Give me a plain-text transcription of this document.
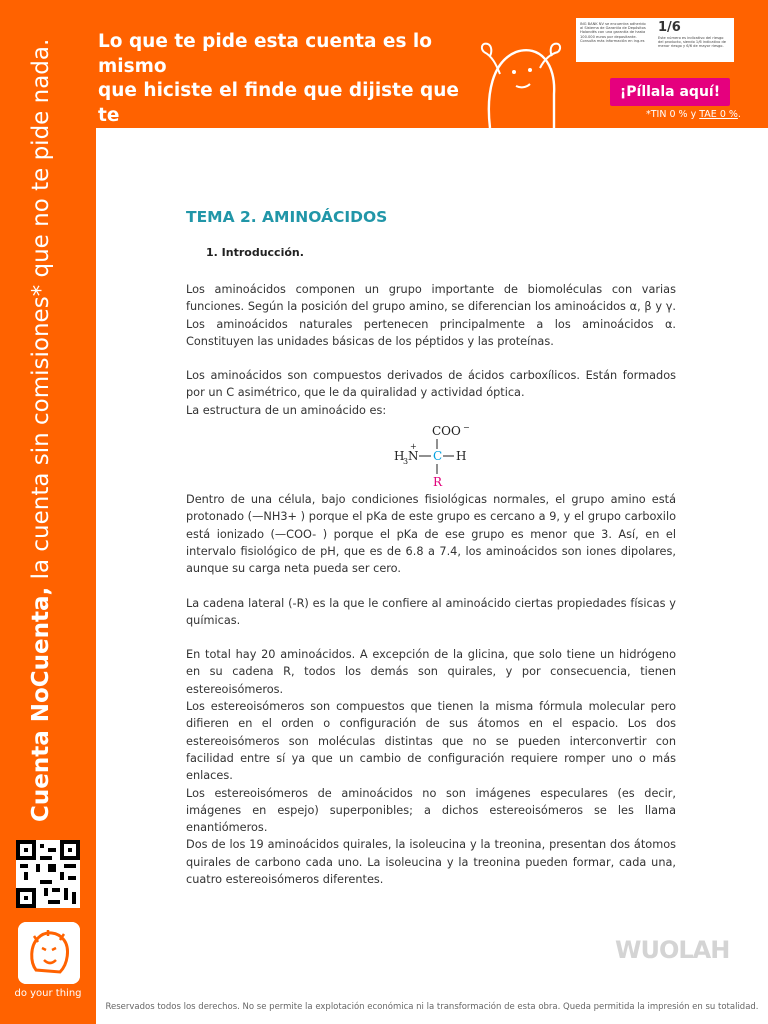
Lo que te pide esta cuenta es lo mismo
que hiciste el finde que dijiste que te
ibas a poner al día: NADA.
ING BANK NV se encuentra adherido al Sistema de Garantía de Depósitos Holandés con una garantía de hasta 100.000 euros por depositante. Consulta más información en ing.es
1/6
Este número es indicativo del riesgo del producto, siendo 1/6 indicativo de menor riesgo y 6/6 de mayor riesgo.
¡Píllala aquí!
*TIN 0 % y TAE 0 %.
Cuenta NoCuenta, la cuenta sin comisiones* que no te pide nada.
do your thing
TEMA 2. AMINOÁCIDOS
1. Introducción.

Los aminoácidos componen un grupo importante de biomoléculas con varias funciones. Según la posición del grupo amino, se diferencian los aminoácidos α, β y γ. Los aminoácidos naturales pertenecen principalmente a los aminoácidos α. Constituyen las unidades básicas de los péptidos y las proteínas.

Los aminoácidos son compuestos derivados de ácidos carboxílicos. Están formados por un C asimétrico, que le da quiralidad y actividad óptica.

La estructura de un aminoácido es:

COO −
H
3 N
+
C H
R

Dentro de una célula, bajo condiciones fisiológicas normales, el grupo amino está protonado (—NH3+ ) porque el pKa de este grupo es cercano a 9, y el grupo carboxilo está ionizado (—COO- ) porque el pKa de ese grupo es menor que 3. Así, en el intervalo fisiológico de pH, que es de 6.8 a 7.4, los aminoácidos son iones dipolares, aunque su carga neta pueda ser cero.

La cadena lateral (-R) es la que le confiere al aminoácido ciertas propiedades físicas y químicas.

En total hay 20 aminoácidos. A excepción de la glicina, que solo tiene un hidrógeno en su cadena R, todos los demás son quirales, y por consecuencia, tienen estereoisómeros.

Los estereoisómeros son compuestos que tienen la misma fórmula molecular pero difieren en el orden o configuración de sus átomos en el espacio. Los dos estereoisómeros son moléculas distintas que no se pueden interconvertir con facilidad entre sí ya que un cambio de configuración requiere romper uno o más enlaces.

Los estereoisómeros de aminoácidos no son imágenes especulares (es decir, imágenes en espejo) superponibles; a dichos estereoisómeros se les llama enantiómeros.

Dos de los 19 aminoácidos quirales, la isoleucina y la treonina, presentan dos átomos quirales de carbono cada uno. La isoleucina y la treonina pueden formar, cada una, cuatro estereoisómeros diferentes.

WUOLAH
Reservados todos los derechos. No se permite la explotación económica ni la transformación de esta obra. Queda permitida la impresión en su totalidad.
